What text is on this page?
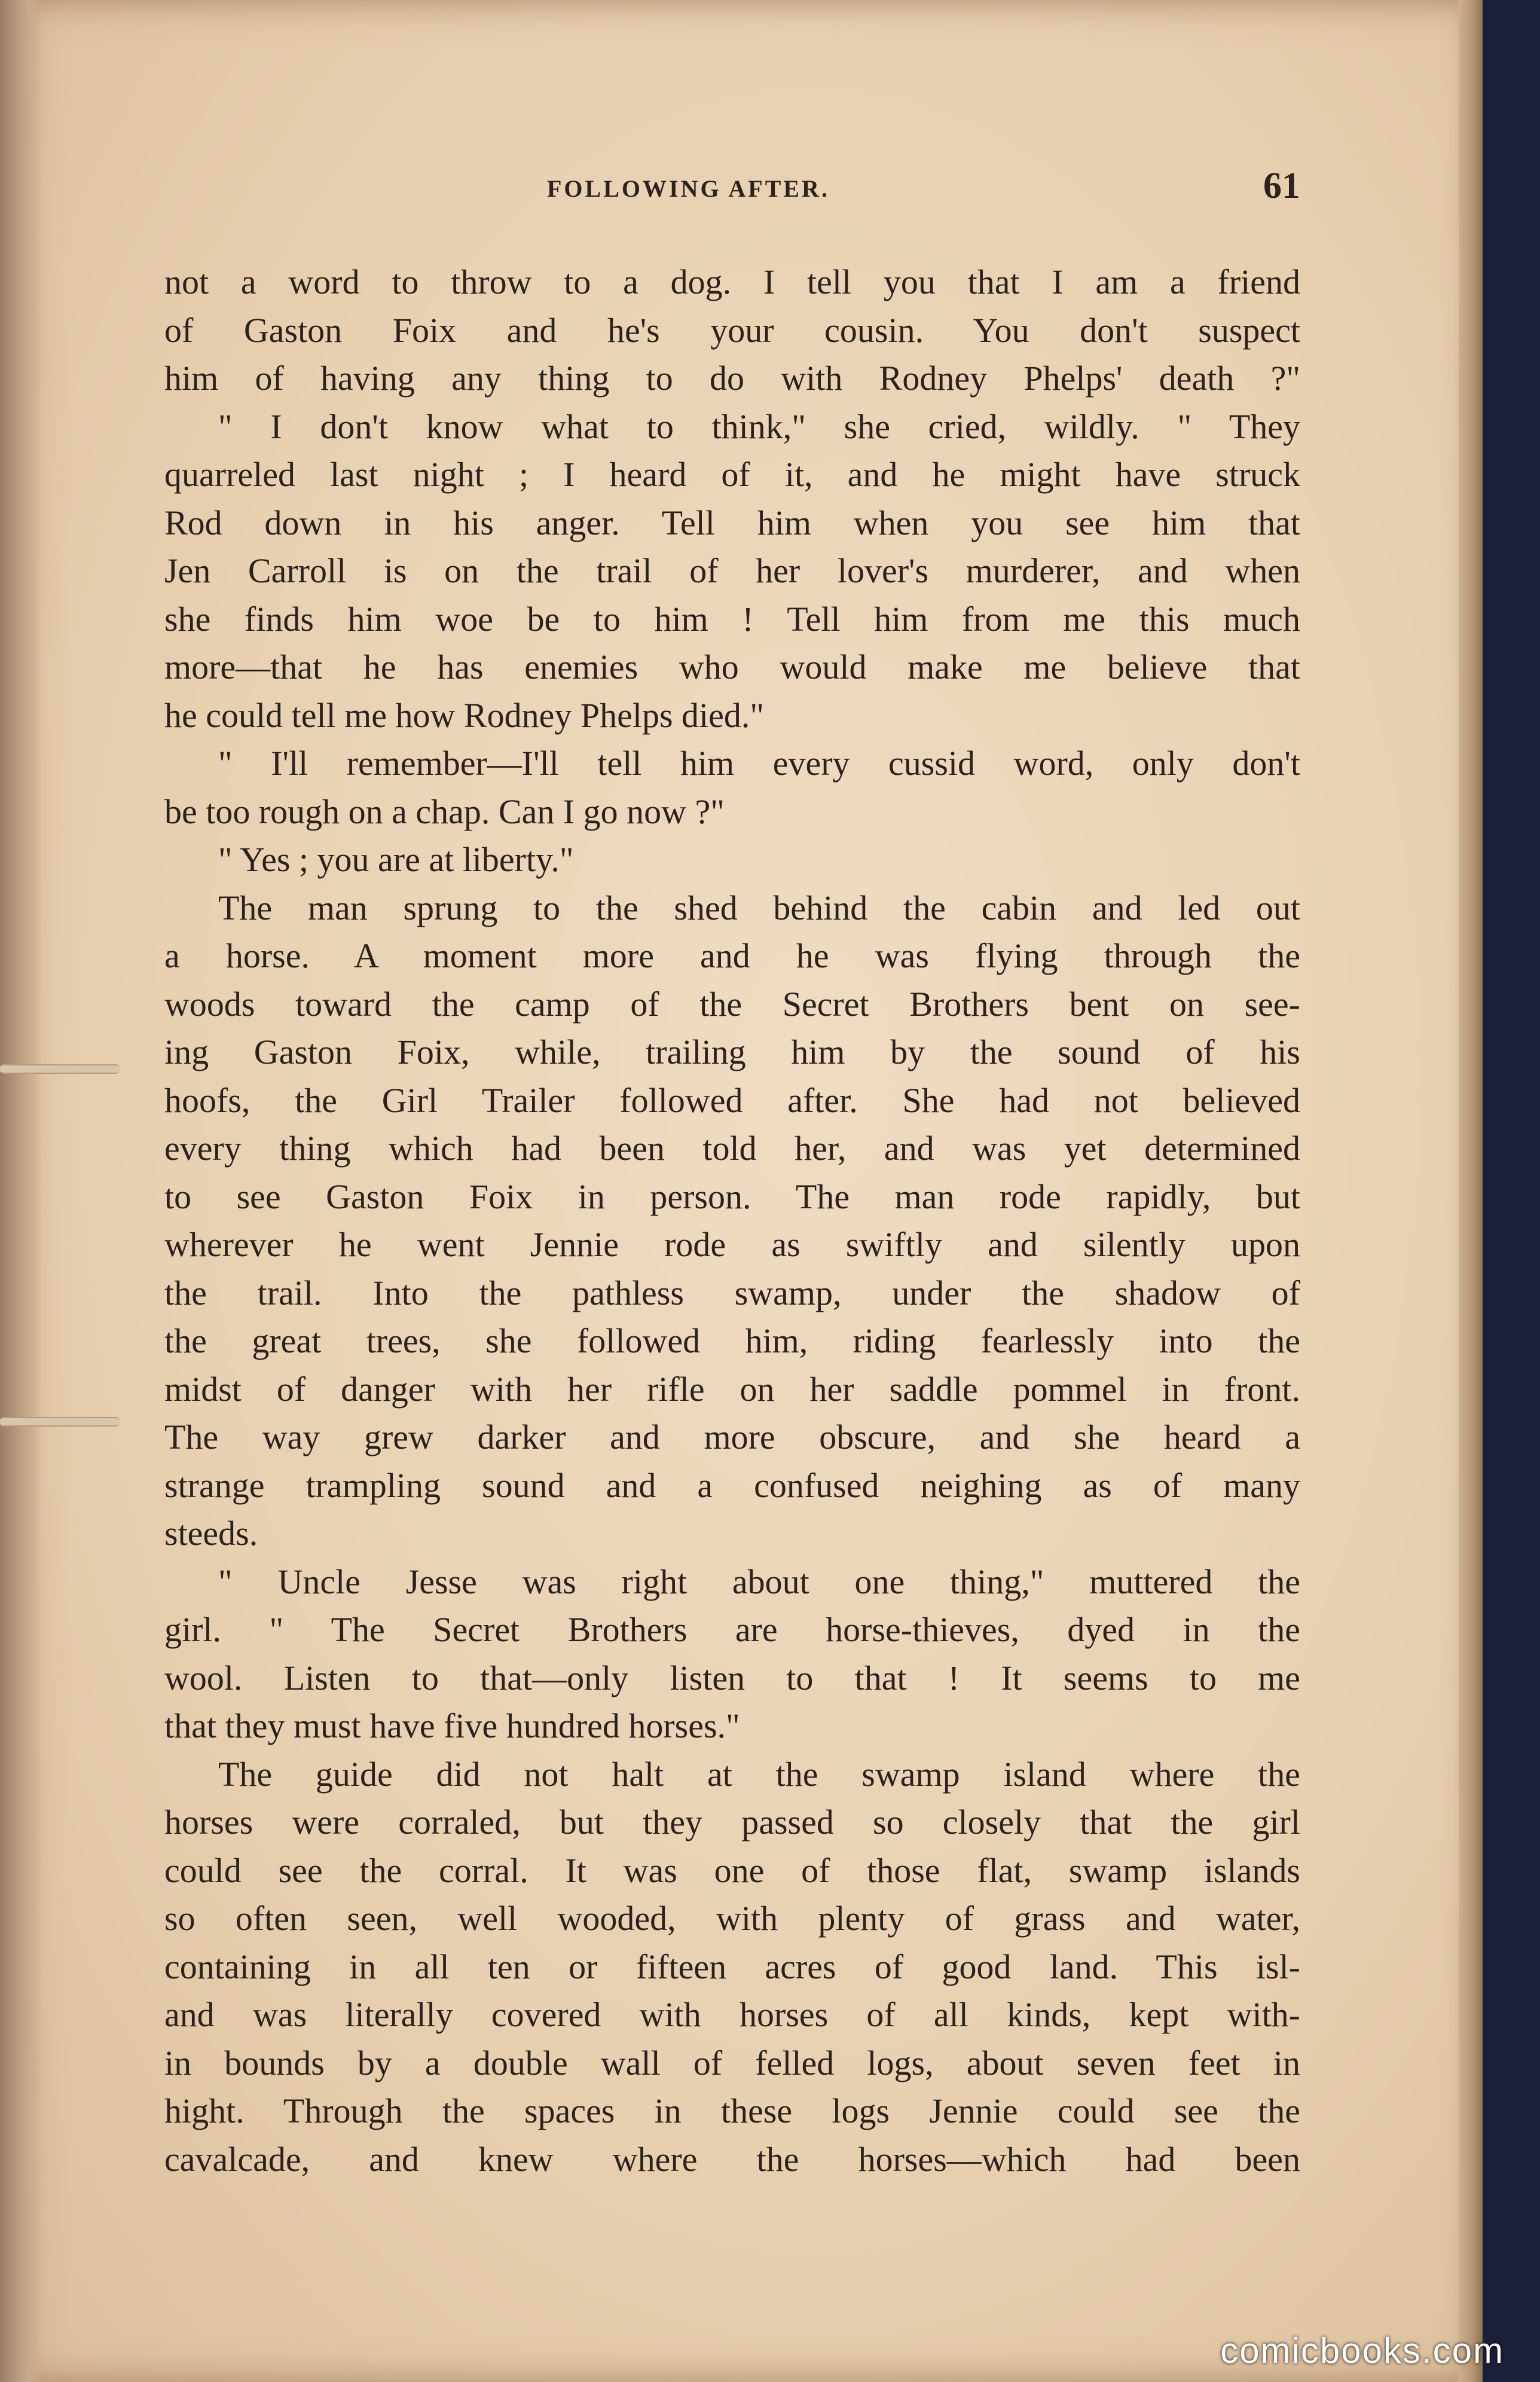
FOLLOWING AFTER.	61
not a word to throw to a dog. I tell you that I am a friend
of Gaston Foix and he's your cousin. You don't suspect
him of having any thing to do with Rodney Phelps' death ?"
" I don't know what to think," she cried, wildly. " They
quarreled last night ; I heard of it, and he might have struck
Rod down in his anger. Tell him when you see him that
Jen Carroll is on the trail of her lover's murderer, and when
she finds him woe be to him ! Tell him from me this much
more—that he has enemies who would make me believe that
he could tell me how Rodney Phelps died."
" I'll remember—I'll tell him every cussid word, only don't
be too rough on a chap. Can I go now ?"
" Yes ; you are at liberty."
The man sprung to the shed behind the cabin and led out
a horse. A moment more and he was flying through the
woods toward the camp of the Secret Brothers bent on see-
ing Gaston Foix, while, trailing him by the sound of his
hoofs, the Girl Trailer followed after. She had not believed
every thing which had been told her, and was yet determined
to see Gaston Foix in person. The man rode rapidly, but
wherever he went Jennie rode as swiftly and silently upon
the trail. Into the pathless swamp, under the shadow of
the great trees, she followed him, riding fearlessly into the
midst of danger with her rifle on her saddle pommel in front.
The way grew darker and more obscure, and she heard a
strange trampling sound and a confused neighing as of many
steeds.
" Uncle Jesse was right about one thing," muttered the
girl. " The Secret Brothers are horse-thieves, dyed in the
wool. Listen to that—only listen to that ! It seems to me
that they must have five hundred horses."
The guide did not halt at the swamp island where the
horses were corraled, but they passed so closely that the girl
could see the corral. It was one of those flat, swamp islands
so often seen, well wooded, with plenty of grass and water,
containing in all ten or fifteen acres of good land. This isl-
and was literally covered with horses of all kinds, kept with-
in bounds by a double wall of felled logs, about seven feet in
hight. Through the spaces in these logs Jennie could see the
cavalcade, and knew where the horses—which had been
comicbooks.com
